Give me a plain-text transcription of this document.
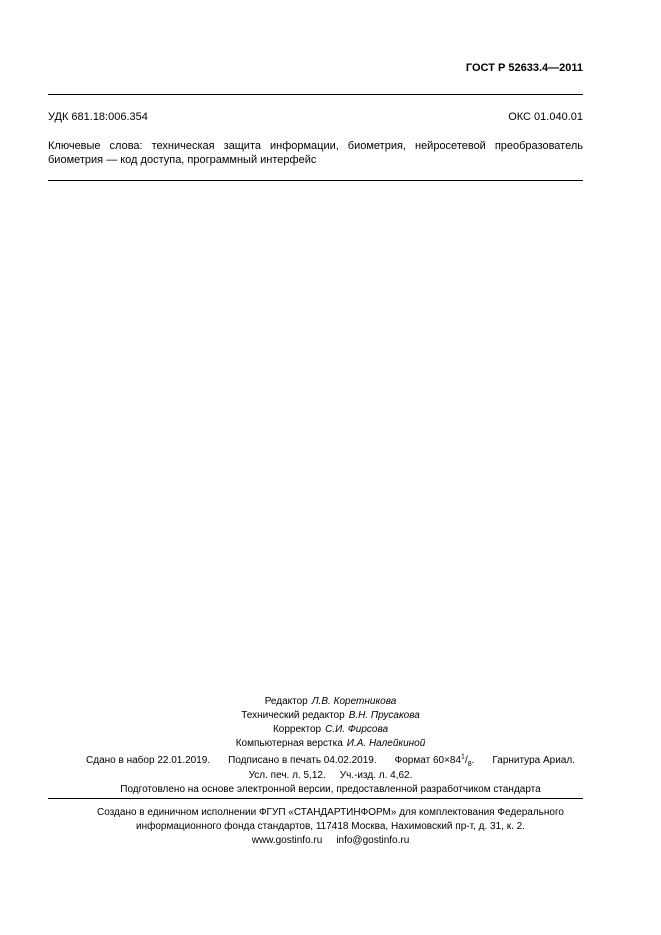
ГОСТ Р 52633.4—2011
УДК 681.18:006.354	ОКС 01.040.01
Ключевые слова: техническая защита информации, биометрия, нейросетевой преобразователь
биометрия — код доступа, программный интерфейс
Редактор Л.В. Коретникова
Технический редактор В.Н. Прусакова
Корректор С.И. Фирсова
Компьютерная верстка И.А. Налейкиной
Сдано в набор 22.01.2019. Подписано в печать 04.02.2019. Формат $60\times 84^1/_8$. Гарнитура Ариал.
Усл. печ. л. 5,12. Уч.-изд. л. 4,62.
Подготовлено на основе электронной версии, предоставленной разработчиком стандарта
Создано в единичном исполнении ФГУП «СТАНДАРТИНФОРМ» для комплектования Федерального
информационного фонда стандартов, 117418 Москва, Нахимовский пр-т, д. 31, к. 2.
www.gostinfo.ru info@gostinfo.ru
